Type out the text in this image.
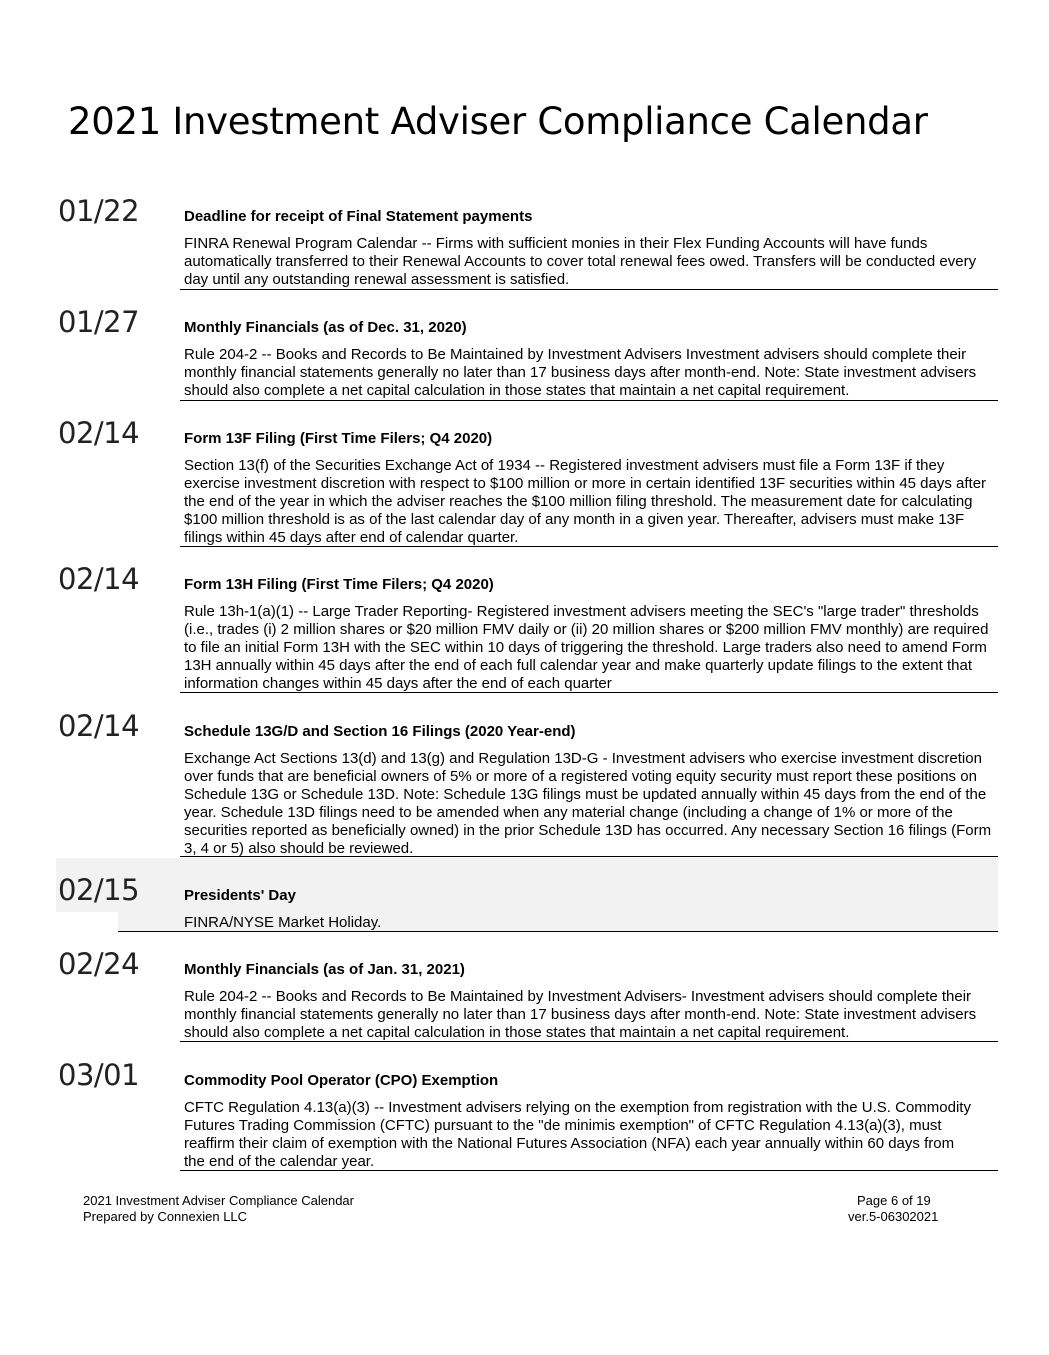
2021 Investment Adviser Compliance Calendar
01/22	Deadline for receipt of Final Statement payments
FINRA Renewal Program Calendar -- Firms with sufficient monies in their Flex Funding Accounts will have funds automatically transferred to their Renewal Accounts to cover total renewal fees owed. Transfers will be conducted every day until any outstanding renewal assessment is satisfied.
01/27	Monthly Financials (as of Dec. 31, 2020)
Rule 204-2 -- Books and Records to Be Maintained by Investment Advisers Investment advisers should complete their monthly financial statements generally no later than 17 business days after month-end. Note: State investment advisers should also complete a net capital calculation in those states that maintain a net capital requirement.
02/14	Form 13F Filing (First Time Filers; Q4 2020)
Section 13(f) of the Securities Exchange Act of 1934 -- Registered investment advisers must file a Form 13F if they exercise investment discretion with respect to $100 million or more in certain identified 13F securities within 45 days after the end of the year in which the adviser reaches the $100 million filing threshold. The measurement date for calculating $100 million threshold is as of the last calendar day of any month in a given year. Thereafter, advisers must make 13F filings within 45 days after end of calendar quarter.
02/14	Form 13H Filing (First Time Filers; Q4 2020)
Rule 13h-1(a)(1) -- Large Trader Reporting- Registered investment advisers meeting the SEC's "large trader" thresholds (i.e., trades (i) 2 million shares or $20 million FMV daily or (ii) 20 million shares or $200 million FMV monthly) are required to file an initial Form 13H with the SEC within 10 days of triggering the threshold. Large traders also need to amend Form 13H annually within 45 days after the end of each full calendar year and make quarterly update filings to the extent that information changes within 45 days after the end of each quarter
02/14	Schedule 13G/D and Section 16 Filings (2020 Year-end)
Exchange Act Sections 13(d) and 13(g) and Regulation 13D-G - Investment advisers who exercise investment discretion over funds that are beneficial owners of 5% or more of a registered voting equity security must report these positions on Schedule 13G or Schedule 13D. Note: Schedule 13G filings must be updated annually within 45 days from the end of the year. Schedule 13D filings need to be amended when any material change (including a change of 1% or more of the securities reported as beneficially owned) in the prior Schedule 13D has occurred. Any necessary Section 16 filings (Form 3, 4 or 5) also should be reviewed.
02/15	Presidents' Day
FINRA/NYSE Market Holiday.
02/24	Monthly Financials (as of Jan. 31, 2021)
Rule 204-2 -- Books and Records to Be Maintained by Investment Advisers- Investment advisers should complete their monthly financial statements generally no later than 17 business days after month-end. Note: State investment advisers should also complete a net capital calculation in those states that maintain a net capital requirement.
03/01	Commodity Pool Operator (CPO) Exemption
CFTC Regulation 4.13(a)(3) -- Investment advisers relying on the exemption from registration with the U.S. Commodity Futures Trading Commission (CFTC) pursuant to the "de minimis exemption" of CFTC Regulation 4.13(a)(3), must reaffirm their claim of exemption with the National Futures Association (NFA) each year annually within 60 days from the end of the calendar year.
2021 Investment Adviser Compliance Calendar
Prepared by Connexien LLC
Page 6 of 19
ver.5-06302021
